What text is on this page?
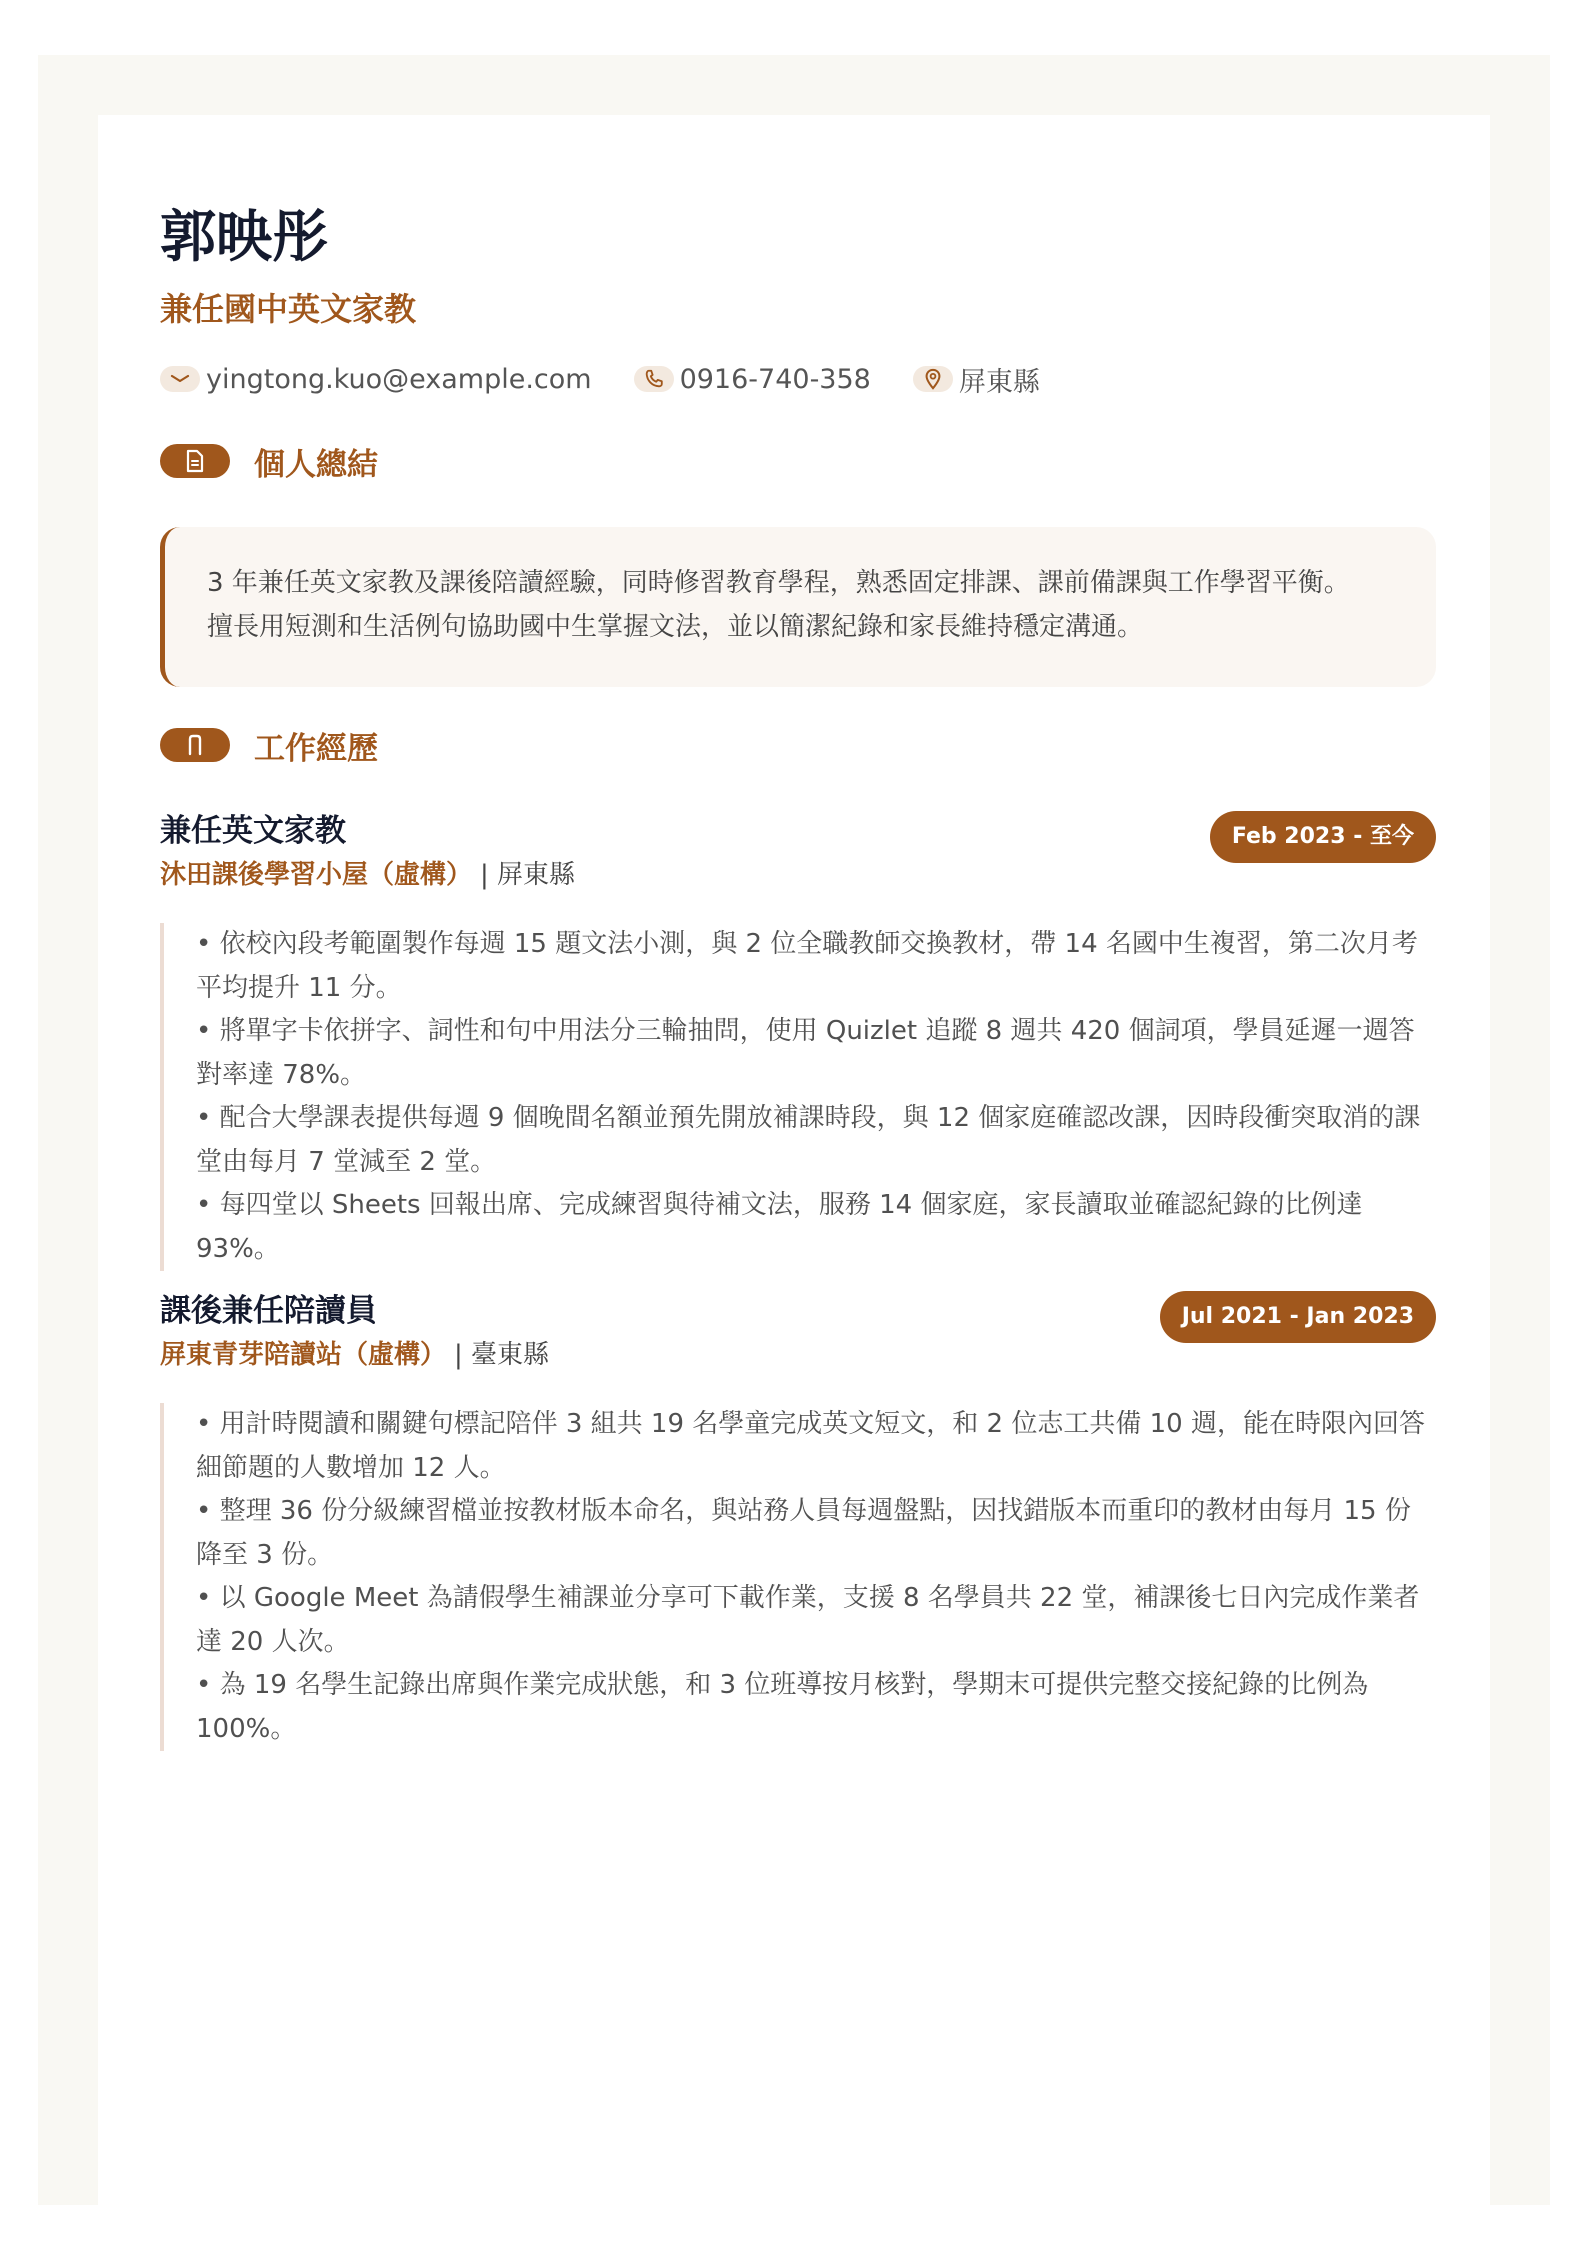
郭映彤
兼任國中英文家教
yingtong.kuo@example.com	0916-740-358	屏東縣
個人總結
3 年兼任英文家教及課後陪讀經驗，同時修習教育學程，熟悉固定排課、課前備課與工作學習平衡。
擅長用短測和生活例句協助國中生掌握文法，並以簡潔紀錄和家長維持穩定溝通。
工作經歷
兼任英文家教
沐田課後學習小屋（虛構） | 屏東縣
Feb 2023 - 至今

• 依校內段考範圍製作每週 15 題文法小測，與 2 位全職教師交換教材，帶 14 名國中生複習，第二次月考平均提升 11 分。

• 將單字卡依拼字、詞性和句中用法分三輪抽問，使用 Quizlet 追蹤 8 週共 420 個詞項，學員延遲一週答對率達 78%。

• 配合大學課表提供每週 9 個晚間名額並預先開放補課時段，與 12 個家庭確認改課，因時段衝突取消的課堂由每月 7 堂減至 2 堂。

• 每四堂以 Sheets 回報出席、完成練習與待補文法，服務 14 個家庭，家長讀取並確認紀錄的比例達 93%。

課後兼任陪讀員
屏東青芽陪讀站（虛構） | 臺東縣
Jul 2021 - Jan 2023

• 用計時閱讀和關鍵句標記陪伴 3 組共 19 名學童完成英文短文，和 2 位志工共備 10 週，能在時限內回答細節題的人數增加 12 人。

• 整理 36 份分級練習檔並按教材版本命名，與站務人員每週盤點，因找錯版本而重印的教材由每月 15 份降至 3 份。

• 以 Google Meet 為請假學生補課並分享可下載作業，支援 8 名學員共 22 堂，補課後七日內完成作業者達 20 人次。

• 為 19 名學生記錄出席與作業完成狀態，和 3 位班導按月核對，學期末可提供完整交接紀錄的比例為 100%。
